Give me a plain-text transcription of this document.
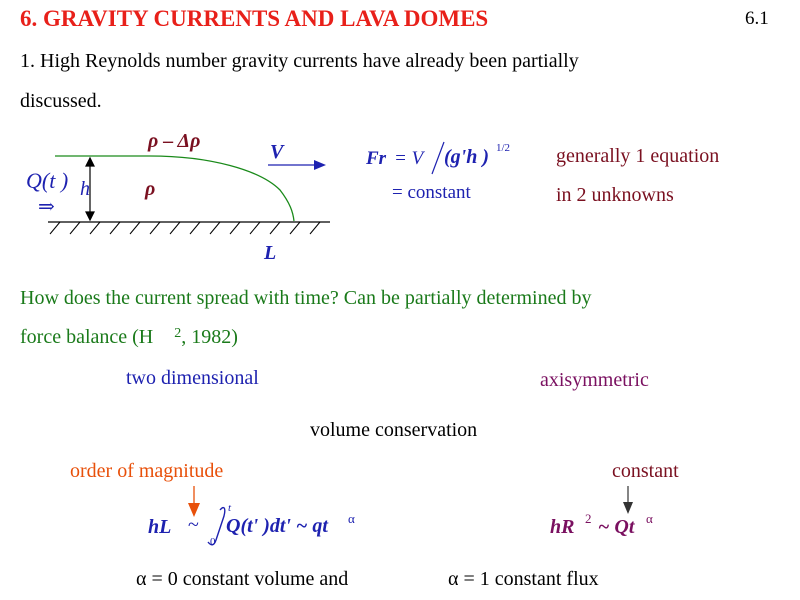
6. GRAVITY CURRENTS AND LAVA DOMES	6.1
1. High Reynolds number gravity currents have already been partially
discussed.
ρ – Δρ
ρ
V
Q(t ) h
⇒
L
Fr = V (g'h ) 1/2
= constant
generally 1 equation
in 2 unknowns
How does the current spread with time? Can be partially determined by
force balance (H $^2$, 1982)
two dimensional	axisymmetric
volume conservation
order of magnitude	constant
hL ~
t
0
Q(t' )dt' ~ qt α	hR 2 ~ Qt α
α = 0 constant volume and	α = 1 constant flux
